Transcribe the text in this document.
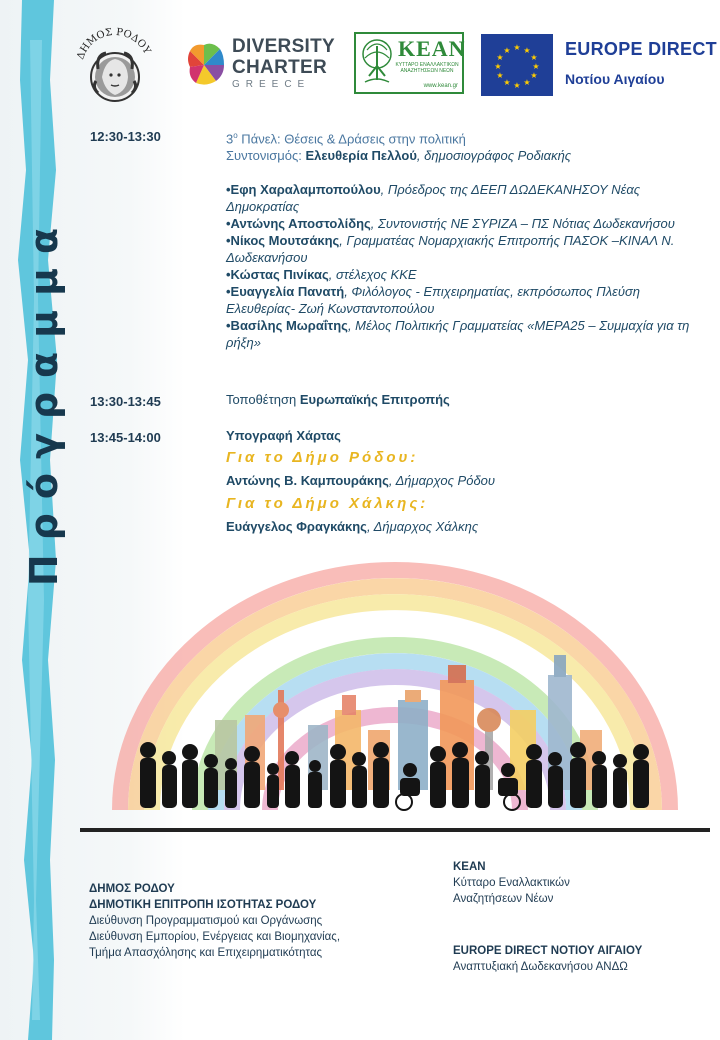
Πρόγραμμα
ΔΗΜΟΣ ΡΟΔΟΥ	DIVERSITY
CHARTER
GREECE
ΚΕΑΝ
ΚΥΤΤΑΡΟ ΕΝΑΛΛΑΚΤΙΚΩΝ ΑΝΑΖΗΤΗΣΕΩΝ ΝΕΩΝ
www.kean.gr
★ ★
★
★
★
★
★
★
★
★
★
★	EUROPE DIRECT
Νοτίου Αιγαίου
12:30-13:30	$3^o$ Πάνελ: Θέσεις & Δράσεις στην πολιτική
Συντονισμός: Ελευθερία Πελλού, δημοσιογράφος Ροδιακής
•Εφη Χαραλαμποπούλου, Πρόεδρος της ΔΕΕΠ ΔΩΔΕΚΑΝΗΣΟΥ Νέας Δημοκρατίας
•Αντώνης Αποστολίδης, Συντονιστής ΝΕ ΣΥΡΙΖΑ – ΠΣ Νότιας Δωδεκανήσου
•Νίκος Μουτσάκης, Γραμματέας Νομαρχιακής Επιτροπής ΠΑΣΟΚ –ΚΙΝΑΛ Ν. Δωδεκανήσου
•Κώστας Πινίκας, στέλεχος ΚΚΕ
•Ευαγγελία Πανατή, Φιλόλογος - Επιχειρηματίας, εκπρόσωπος Πλεύση Ελευθερίας- Ζωή Κωνσταντοπούλου
•Βασίλης Μωραΐτης, Μέλος Πολιτικής Γραμματείας «ΜΕΡΑ25 – Συμμαχία για τη ρήξη»
13:30-13:45	Τοποθέτηση Ευρωπαϊκής Επιτροπής
13:45-14:00	Υπογραφή Χάρτας
Για το Δήμο Ρόδου:
Αντώνης Β. Καμπουράκης, Δήμαρχος Ρόδου
Για το Δήμο Χάλκης:
Ευάγγελος Φραγκάκης, Δήμαρχος Χάλκης
ΔΗΜΟΣ ΡΟΔΟΥ
ΔΗΜΟΤΙΚΗ ΕΠΙΤΡΟΠΗ ΙΣΟΤΗΤΑΣ ΡΟΔΟΥ
Διεύθυνση Προγραμματισμού και Οργάνωσης
Διεύθυνση Εμπορίου, Ενέργειας και Βιομηχανίας,
Τμήμα Απασχόλησης και Επιχειρηματικότητας
ΚΕΑΝ
Κύτταρο Εναλλακτικών
Αναζητήσεων Νέων
EUROPE DIRECT ΝΟΤΙΟΥ ΑΙΓΑΙΟΥ
Αναπτυξιακή Δωδεκανήσου ΑΝΔΩ
